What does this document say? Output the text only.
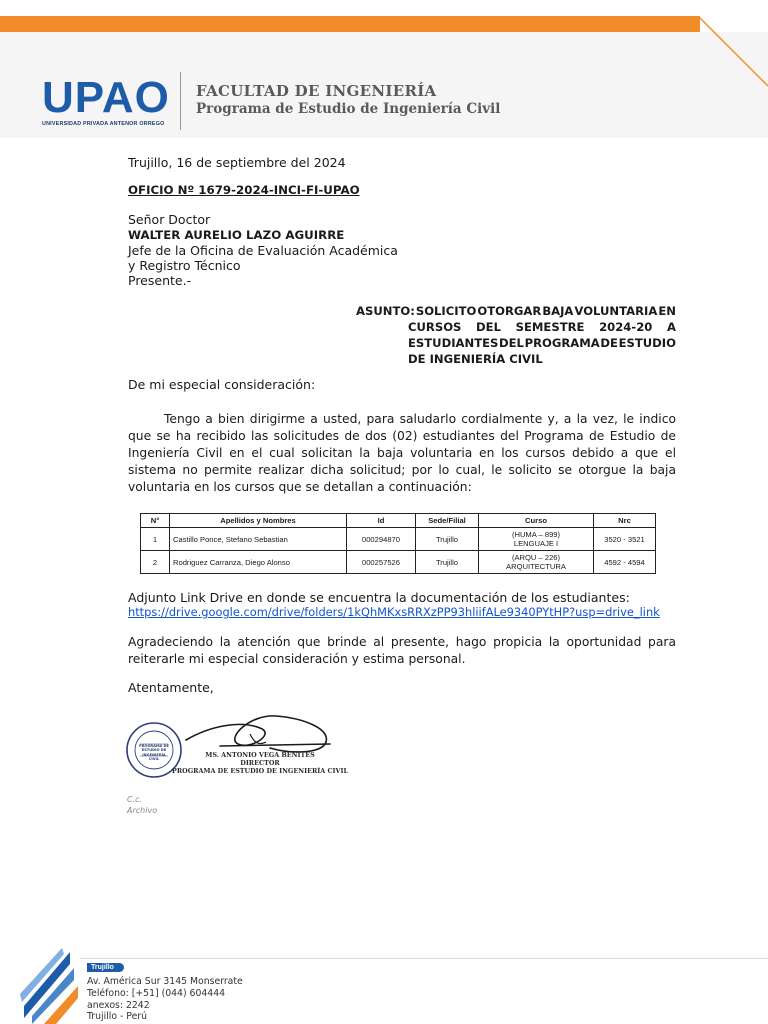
UPAO
UNIVERSIDAD PRIVADA ANTENOR ORREGO
FACULTAD DE INGENIERÍA
Programa de Estudio de Ingeniería Civil
Trujillo, 16 de septiembre del 2024
OFICIO Nº 1679-2024-INCI-FI-UPAO
Señor Doctor
WALTER AURELIO LAZO AGUIRRE
Jefe de la Oficina de Evaluación Académica
y Registro Técnico
Presente.-
ASUNTO: SOLICITO OTORGAR BAJA VOLUNTARIA EN
CURSOS DEL SEMESTRE 2024-20 A
ESTUDIANTES DEL PROGRAMA DE ESTUDIO
DE INGENIERÍA CIVIL
De mi especial consideración:
Tengo a bien dirigirme a usted, para saludarlo cordialmente y, a la vez, le indico que se ha recibido las solicitudes de dos (02) estudiantes del Programa de Estudio de Ingeniería Civil en el cual solicitan la baja voluntaria en los cursos debido a que el sistema no permite realizar dicha solicitud; por lo cual, le solicito se otorgue la baja voluntaria en los cursos que se detallan a continuación:
N°	Apellidos y Nombres	Id	Sede/Filial	Curso	Nrc
1	Castillo Ponce, Stefano Sebastian	000294870	Trujillo	(HUMA – 899)
LENGUAJE I	3520 - 3521
2	Rodriguez Carranza, Diego Alonso	000257526	Trujillo	(ARQU – 226)
ARQUITECTURA	4592 - 4594
Adjunto Link Drive en donde se encuentra la documentación de los estudiantes:
https://drive.google.com/drive/folders/1kQhMKxsRRXzPP93hliifALe9340PYtHP?usp=drive_link
Agradeciendo la atención que brinde al presente, hago propicia la oportunidad para reiterarle mi especial consideración y estima personal.
Atentamente,
PROGRAMA DE ESTUDIO DE INGENIERÍA CIVIL
MS. ANTONIO VEGA BENITES
DIRECTOR
PROGRAMA DE ESTUDIO DE INGENIERÍA CIVIL
C.c.
Archivo
Trujillo
Av. América Sur 3145 Monserrate
Teléfono: [+51] (044) 604444
anexos: 2242
Trujillo - Perú
